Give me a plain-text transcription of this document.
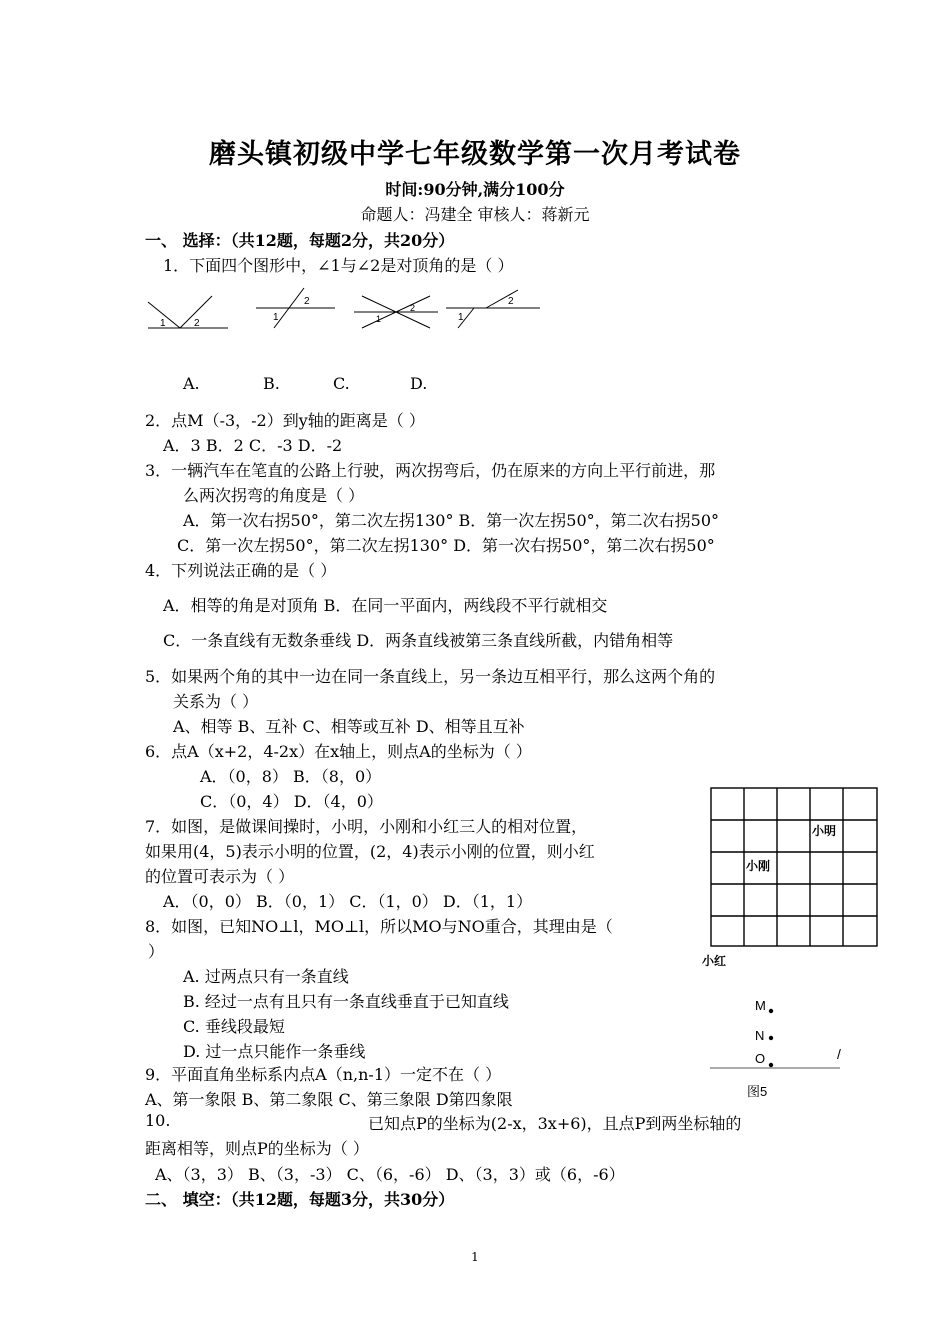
磨头镇初级中学七年级数学第一次月考试卷
时间:90分钟,满分100分
命题人：冯建全 审核人：蒋新元
一、 选择：（共12题，每题2分，共20分）
1．下面四个图形中，∠1与∠2是对顶角的是（ ）
1	2
1
2
1
2
1
2
A.	B.	C.	D.
2．点M（-3，-2）到y轴的距离是（ ）
A．3 B．2 C．-3 D．-2
3．一辆汽车在笔直的公路上行驶，两次拐弯后，仍在原来的方向上平行前进，那
么两次拐弯的角度是（ ）
A．第一次右拐50°，第二次左拐130° B．第一次左拐50°，第二次右拐50°
C．第一次左拐50°，第二次左拐130° D．第一次右拐50°，第二次右拐50°
4．下列说法正确的是（ ）
A．相等的角是对顶角 B．在同一平面内，两线段不平行就相交
C．一条直线有无数条垂线 D．两条直线被第三条直线所截，内错角相等
5．如果两个角的其中一边在同一条直线上，另一条边互相平行，那么这两个角的
关系为（ ）
A、相等 B、互补 C、相等或互补 D、相等且互补
6．点A（x+2，4-2x）在x轴上，则点A的坐标为（ ）
A．（0，8） B．（8，0）
C．（0，4） D．（4，0）
7．如图，是做课间操时，小明，小刚和小红三人的相对位置，
如果用(4，5)表示小明的位置，(2，4)表示小刚的位置，则小红
的位置可表示为（ ）
A．（0，0） B．（0，1） C．（1，0） D．（1，1）
小明
小刚
小红
8．如图，已知NO⊥l，MO⊥l，所以MO与NO重合，其理由是（
）
A. 过两点只有一条直线
B. 经过一点有且只有一条直线垂直于已知直线
C. 垂线段最短
D. 过一点只能作一条垂线
M
N
O	/
图5
9．平面直角坐标系内点A（n,n-1）一定不在（ ）
A、第一象限 B、第二象限 C、第三象限 D第四象限
10.	已知点P的坐标为(2-x，3x+6)，且点P到两坐标轴的
距离相等，则点P的坐标为（ ）
A、（3，3） B、（3，-3） C、（6，-6） D、（3，3）或（6，-6）
二、 填空：（共12题，每题3分，共30分）
1
